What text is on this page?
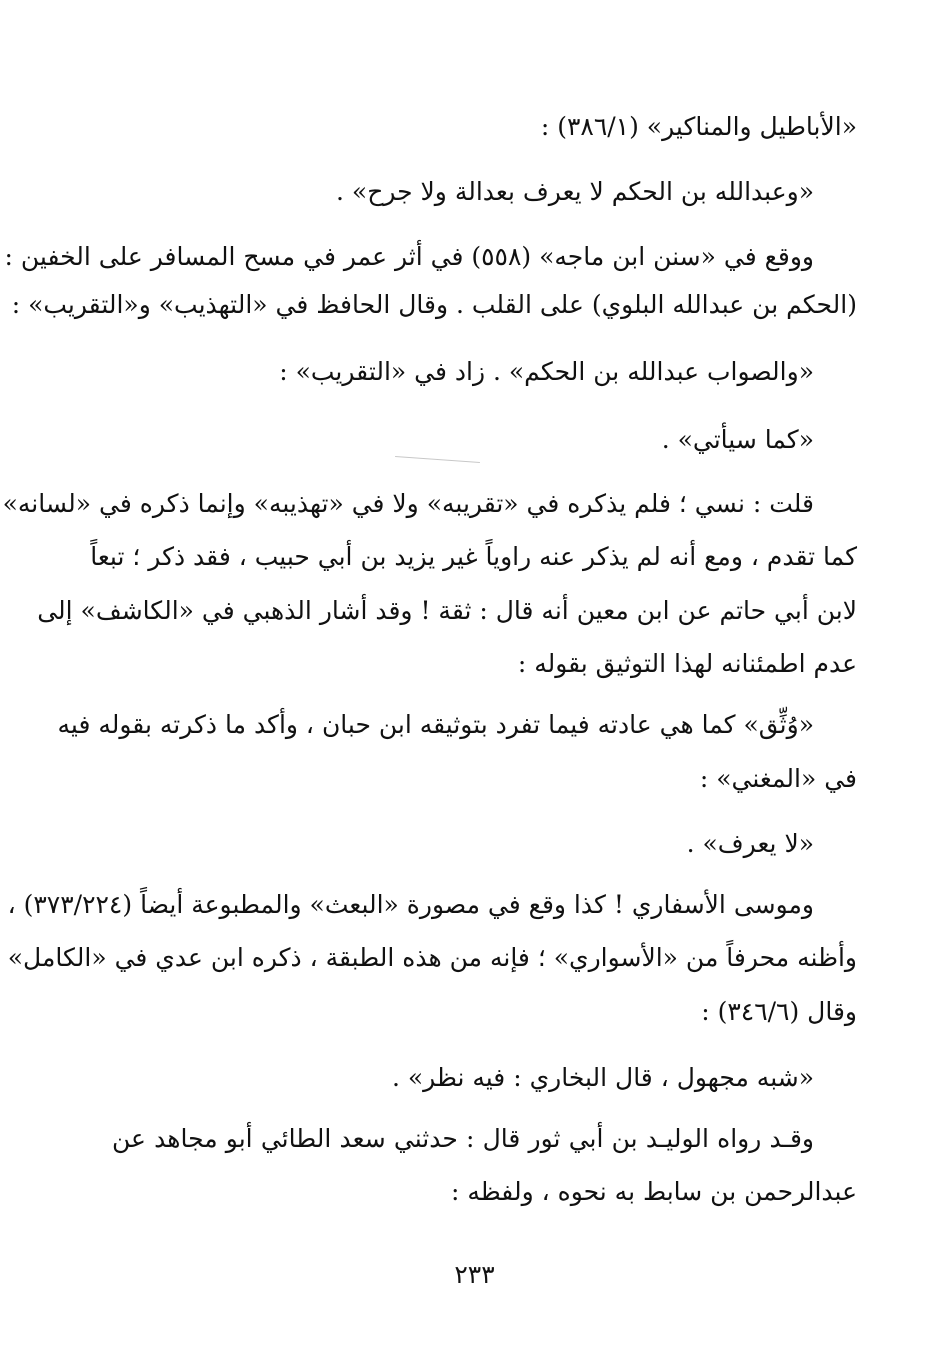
«الأباطيل والمناكير» (٣٨٦/١) :
«وعبدالله بن الحكم لا يعرف بعدالة ولا جرح» .
ووقع في «سنن ابن ماجه» (٥٥٨) في أثر عمر في مسح المسافر على الخفين :
(الحكم بن عبدالله البلوي) على القلب . وقال الحافظ في «التهذيب» و«التقريب» :
«والصواب عبدالله بن الحكم» . زاد في «التقريب» :
«كما سيأتي» .
قلت : نسي ؛ فلم يذكره في «تقريبه» ولا في «تهذيبه» وإنما ذكره في «لسانه»
كما تقدم ، ومع أنه لم يذكر عنه راوياً غير يزيد بن أبي حبيب ، فقد ذكر ؛ تبعاً
لابن أبي حاتم عن ابن معين أنه قال : ثقة ! وقد أشار الذهبي في «الكاشف» إلى
عدم اطمئنانه لهذا التوثيق بقوله :
«وُثِّق» كما هي عادته فيما تفرد بتوثيقه ابن حبان ، وأكد ما ذكرته بقوله فيه
في «المغني» :
«لا يعرف» .
وموسى الأسفاري ! كذا وقع في مصورة «البعث» والمطبوعة أيضاً (٣٧٣/٢٢٤) ،
وأظنه محرفاً من «الأسواري» ؛ فإنه من هذه الطبقة ، ذكره ابن عدي في «الكامل»
وقال (٣٤٦/٦) :
«شبه مجهول ، قال البخاري : فيه نظر» .
وقـد رواه الوليـد بن أبي ثور قال : حدثني سعد الطائي أبو مجاهد عن
عبدالرحمن بن سابط به نحوه ، ولفظه :
٢٣٣
